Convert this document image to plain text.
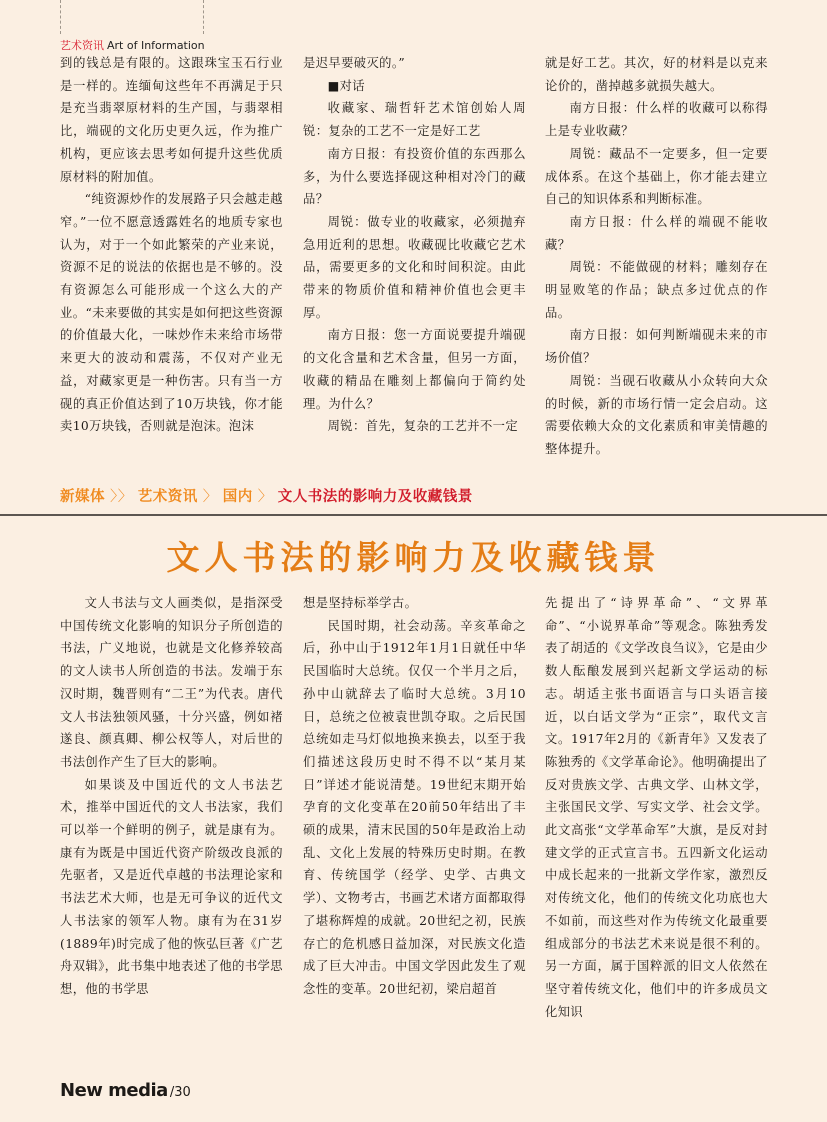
艺术资讯 Art of Information

到的钱总是有限的。这跟珠宝玉石行业是一样的。连缅甸这些年不再满足于只是充当翡翠原材料的生产国，与翡翠相比，端砚的文化历史更久远，作为推广机构，更应该去思考如何提升这些优质原材料的附加值。

“纯资源炒作的发展路子只会越走越窄。”一位不愿意透露姓名的地质专家也认为，对于一个如此繁荣的产业来说，资源不足的说法的依据也是不够的。没有资源怎么可能形成一个这么大的产业。“未来要做的其实是如何把这些资源的价值最大化，一味炒作未来给市场带来更大的波动和震荡，不仅对产业无益，对藏家更是一种伤害。只有当一方砚的真正价值达到了10万块钱，你才能卖10万块钱，否则就是泡沫。泡沫

是迟早要破灭的。”

■对话

收藏家、瑞哲轩艺术馆创始人周锐：复杂的工艺不一定是好工艺

南方日报：有投资价值的东西那么多，为什么要选择砚这种相对冷门的藏品？

周锐：做专业的收藏家，必须抛弃急用近利的思想。收藏砚比收藏它艺术品，需要更多的文化和时间积淀。由此带来的物质价值和精神价值也会更丰厚。

南方日报：您一方面说要提升端砚的文化含量和艺术含量，但另一方面，收藏的精品在雕刻上都偏向于简约处理。为什么？

周锐：首先，复杂的工艺并不一定

就是好工艺。其次，好的材料是以克来论价的，凿掉越多就损失越大。

南方日报：什么样的收藏可以称得上是专业收藏？

周锐：藏品不一定要多，但一定要成体系。在这个基础上，你才能去建立自己的知识体系和判断标准。

南方日报：什么样的端砚不能收藏？

周锐：不能做砚的材料；雕刻存在明显败笔的作品；缺点多过优点的作品。

南方日报：如何判断端砚未来的市场价值？

周锐：当砚石收藏从小众转向大众的时候，新的市场行情一定会启动。这需要依赖大众的文化素质和审美情趣的整体提升。

新媒体 〉〉 艺术资讯 〉 国内 〉 文人书法的影响力及收藏钱景
文人书法的影响力及收藏钱景

文人书法与文人画类似，是指深受中国传统文化影响的知识分子所创造的书法，广义地说，也就是文化修养较高的文人读书人所创造的书法。发端于东汉时期，魏晋则有“二王”为代表。唐代文人书法独领风骚，十分兴盛，例如褚遂良、颜真卿、柳公权等人，对后世的书法创作产生了巨大的影响。

如果谈及中国近代的文人书法艺术，推举中国近代的文人书法家，我们可以举一个鲜明的例子，就是康有为。康有为既是中国近代资产阶级改良派的先驱者，又是近代卓越的书法理论家和书法艺术大师，也是无可争议的近代文人书法家的领军人物。康有为在31岁(1889年)时完成了他的恢弘巨著《广艺舟双辑》，此书集中地表述了他的书学思想，他的书学思

想是坚持标举学古。

民国时期，社会动荡。辛亥革命之后，孙中山于1912年1月1日就任中华民国临时大总统。仅仅一个半月之后，孙中山就辞去了临时大总统。3月10日，总统之位被袁世凯夺取。之后民国总统如走马灯似地换来换去，以至于我们描述这段历史时不得不以“某月某日”详述才能说清楚。19世纪末期开始孕育的文化变革在20前50年结出了丰硕的成果，清末民国的50年是政治上动乱、文化上发展的特殊历史时期。在教育、传统国学（经学、史学、古典文学）、文物考古，书画艺术诸方面都取得了堪称辉煌的成就。20世纪之初，民族存亡的危机感日益加深，对民族文化造成了巨大冲击。中国文学因此发生了观念性的变革。20世纪初，梁启超首

先提出了“诗界革命”、“文界革命”、“小说界革命”等观念。陈独秀发表了胡适的《文学改良刍议》，它是由少数人酝酿发展到兴起新文学运动的标志。胡适主张书面语言与口头语言接近，以白话文学为“正宗”，取代文言文。1917年2月的《新青年》又发表了陈独秀的《文学革命论》。他明确提出了反对贵族文学、古典文学、山林文学，主张国民文学、写实文学、社会文学。此文高张“文学革命军”大旗，是反对封建文学的正式宣言书。五四新文化运动中成长起来的一批新文学作家，激烈反对传统文化，他们的传统文化功底也大不如前，而这些对作为传统文化最重要组成部分的书法艺术来说是很不利的。另一方面，属于国粹派的旧文人依然在坚守着传统文化，他们中的许多成员文化知识

New media /30
